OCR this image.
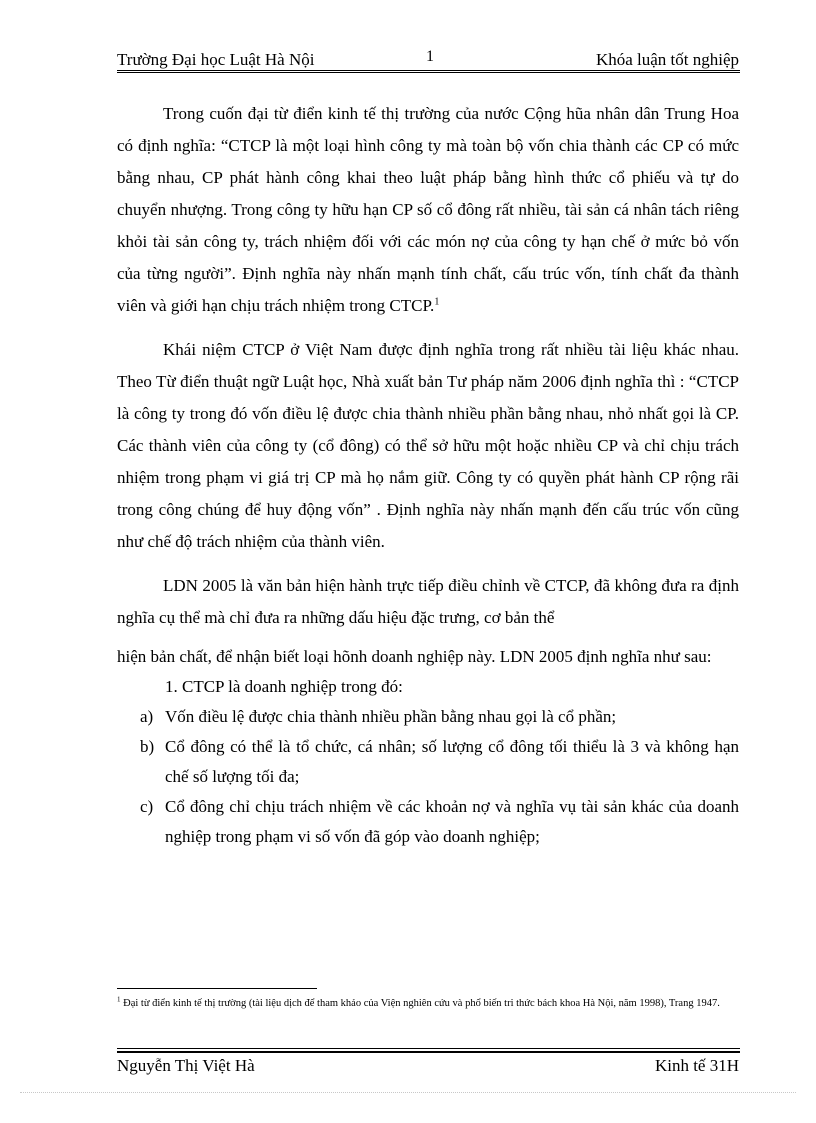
Trường Đại học Luật Hà Nội	1	Khóa luận tốt nghiệp

Trong cuốn đại từ điển kinh tế thị trường của nước Cộng hũa nhân dân Trung Hoa có định nghĩa: “CTCP là một loại hình công ty mà toàn bộ vốn chia thành các CP có mức bằng nhau, CP phát hành công khai theo luật pháp bằng hình thức cổ phiếu và tự do chuyển nhượng. Trong công ty hữu hạn CP số cổ đông rất nhiều, tài sản cá nhân tách riêng khỏi tài sản công ty, trách nhiệm đối với các món nợ của công ty hạn chế ở mức bỏ vốn của từng người”. Định nghĩa này nhấn mạnh tính chất, cấu trúc vốn, tính chất đa thành viên và giới hạn chịu trách nhiệm trong CTCP.$^1$

Khái niệm CTCP ở Việt Nam được định nghĩa trong rất nhiều tài liệu khác nhau. Theo Từ điển thuật ngữ Luật học, Nhà xuất bản Tư pháp năm 2006 định nghĩa thì : “CTCP là công ty trong đó vốn điều lệ được chia thành nhiều phần bằng nhau, nhỏ nhất gọi là CP. Các thành viên của công ty (cổ đông) có thể sở hữu một hoặc nhiều CP và chỉ chịu trách nhiệm trong phạm vi giá trị CP mà họ nắm giữ. Công ty có quyền phát hành CP rộng rãi trong công chúng để huy động vốn” . Định nghĩa này nhấn mạnh đến cấu trúc vốn cũng như chế độ trách nhiệm của thành viên.

LDN 2005 là văn bản hiện hành trực tiếp điều chỉnh về CTCP, đã không đưa ra định nghĩa cụ thể mà chỉ đưa ra những dấu hiệu đặc trưng, cơ bản thể

hiện bản chất, để nhận biết loại hõnh doanh nghiệp này. LDN 2005 định nghĩa như sau:

1. CTCP là doanh nghiệp trong đó:
a) Vốn điều lệ được chia thành nhiều phần bằng nhau gọi là cổ phần;
b) Cổ đông có thể là tổ chức, cá nhân; số lượng cổ đông tối thiểu là 3 và không hạn chế số lượng tối đa;
c) Cổ đông chỉ chịu trách nhiệm về các khoản nợ và nghĩa vụ tài sản khác của doanh nghiệp trong phạm vi số vốn đã góp vào doanh nghiệp;
$^1$ Đại từ điển kinh tế thị trường (tài liệu dịch để tham khảo của Viện nghiên cứu và phổ biến tri thức bách khoa Hà Nội, năm 1998), Trang 1947.
Nguyễn Thị Việt Hà	Kinh tế 31H
